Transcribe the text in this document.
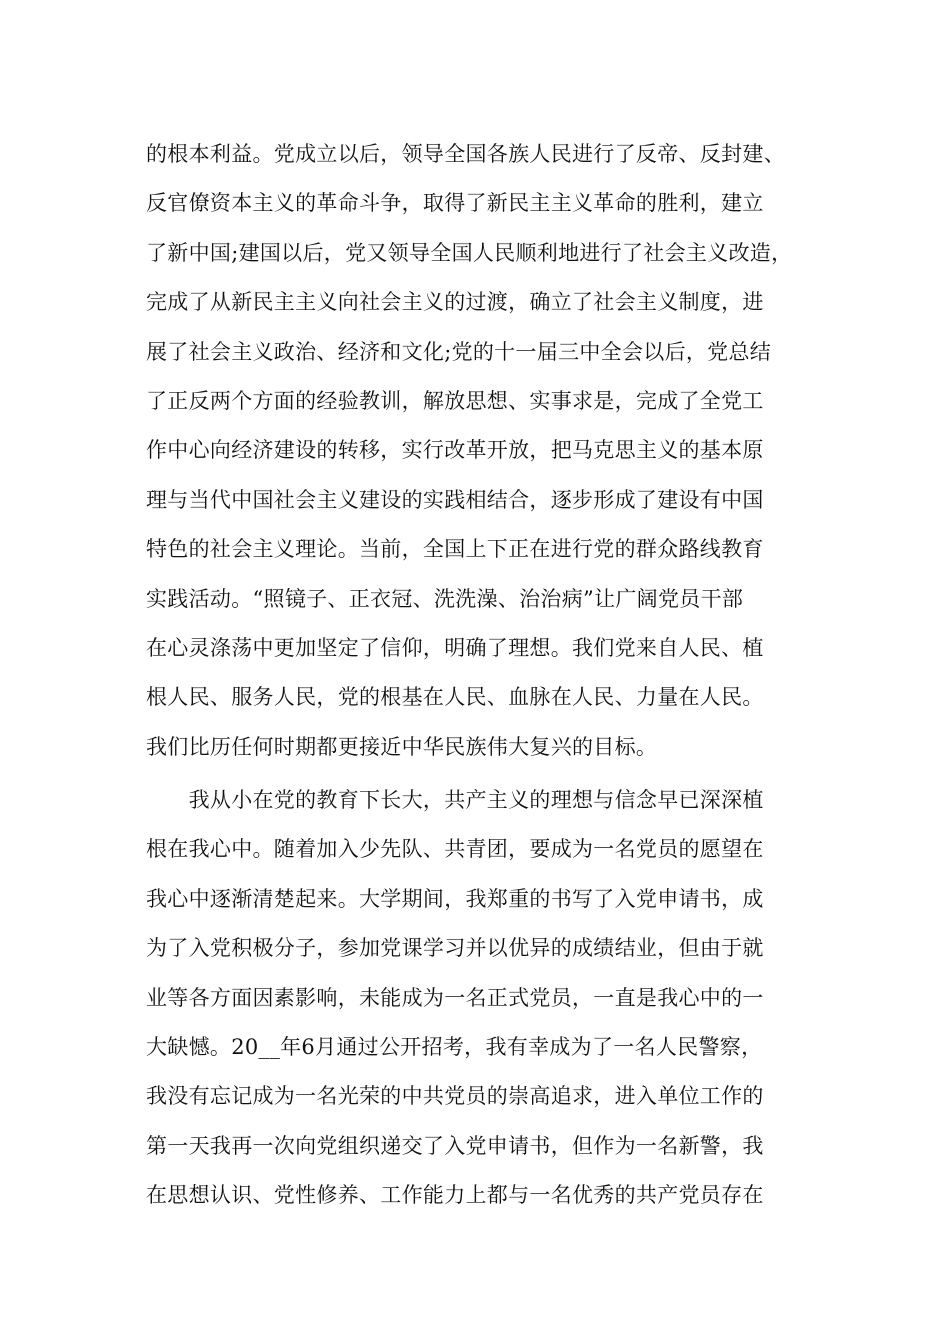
的根本利益。党成立以后，领导全国各族人民进行了反帝、反封建、
反官僚资本主义的革命斗争，取得了新民主主义革命的胜利，建立
了新中国;建国以后，党又领导全国人民顺利地进行了社会主义改造，
完成了从新民主主义向社会主义的过渡，确立了社会主义制度，进
展了社会主义政治、经济和文化;党的十一届三中全会以后，党总结
了正反两个方面的经验教训，解放思想、实事求是，完成了全党工
作中心向经济建设的转移，实行改革开放，把马克思主义的基本原
理与当代中国社会主义建设的实践相结合，逐步形成了建设有中国
特色的社会主义理论。当前，全国上下正在进行党的群众路线教育
实践活动。“照镜子、正衣冠、洗洗澡、治治病”让广阔党员干部
在心灵涤荡中更加坚定了信仰，明确了理想。我们党来自人民、植
根人民、服务人民，党的根基在人民、血脉在人民、力量在人民。
我们比历任何时期都更接近中华民族伟大复兴的目标。
　　我从小在党的教育下长大，共产主义的理想与信念早已深深植
根在我心中。随着加入少先队、共青团，要成为一名党员的愿望在
我心中逐渐清楚起来。大学期间，我郑重的书写了入党申请书，成
为了入党积极分子，参加党课学习并以优异的成绩结业，但由于就
业等各方面因素影响，未能成为一名正式党员，一直是我心中的一
大缺憾。20__年6月通过公开招考，我有幸成为了一名人民警察，
我没有忘记成为一名光荣的中共党员的崇高追求，进入单位工作的
第一天我再一次向党组织递交了入党申请书，但作为一名新警，我
在思想认识、党性修养、工作能力上都与一名优秀的共产党员存在
